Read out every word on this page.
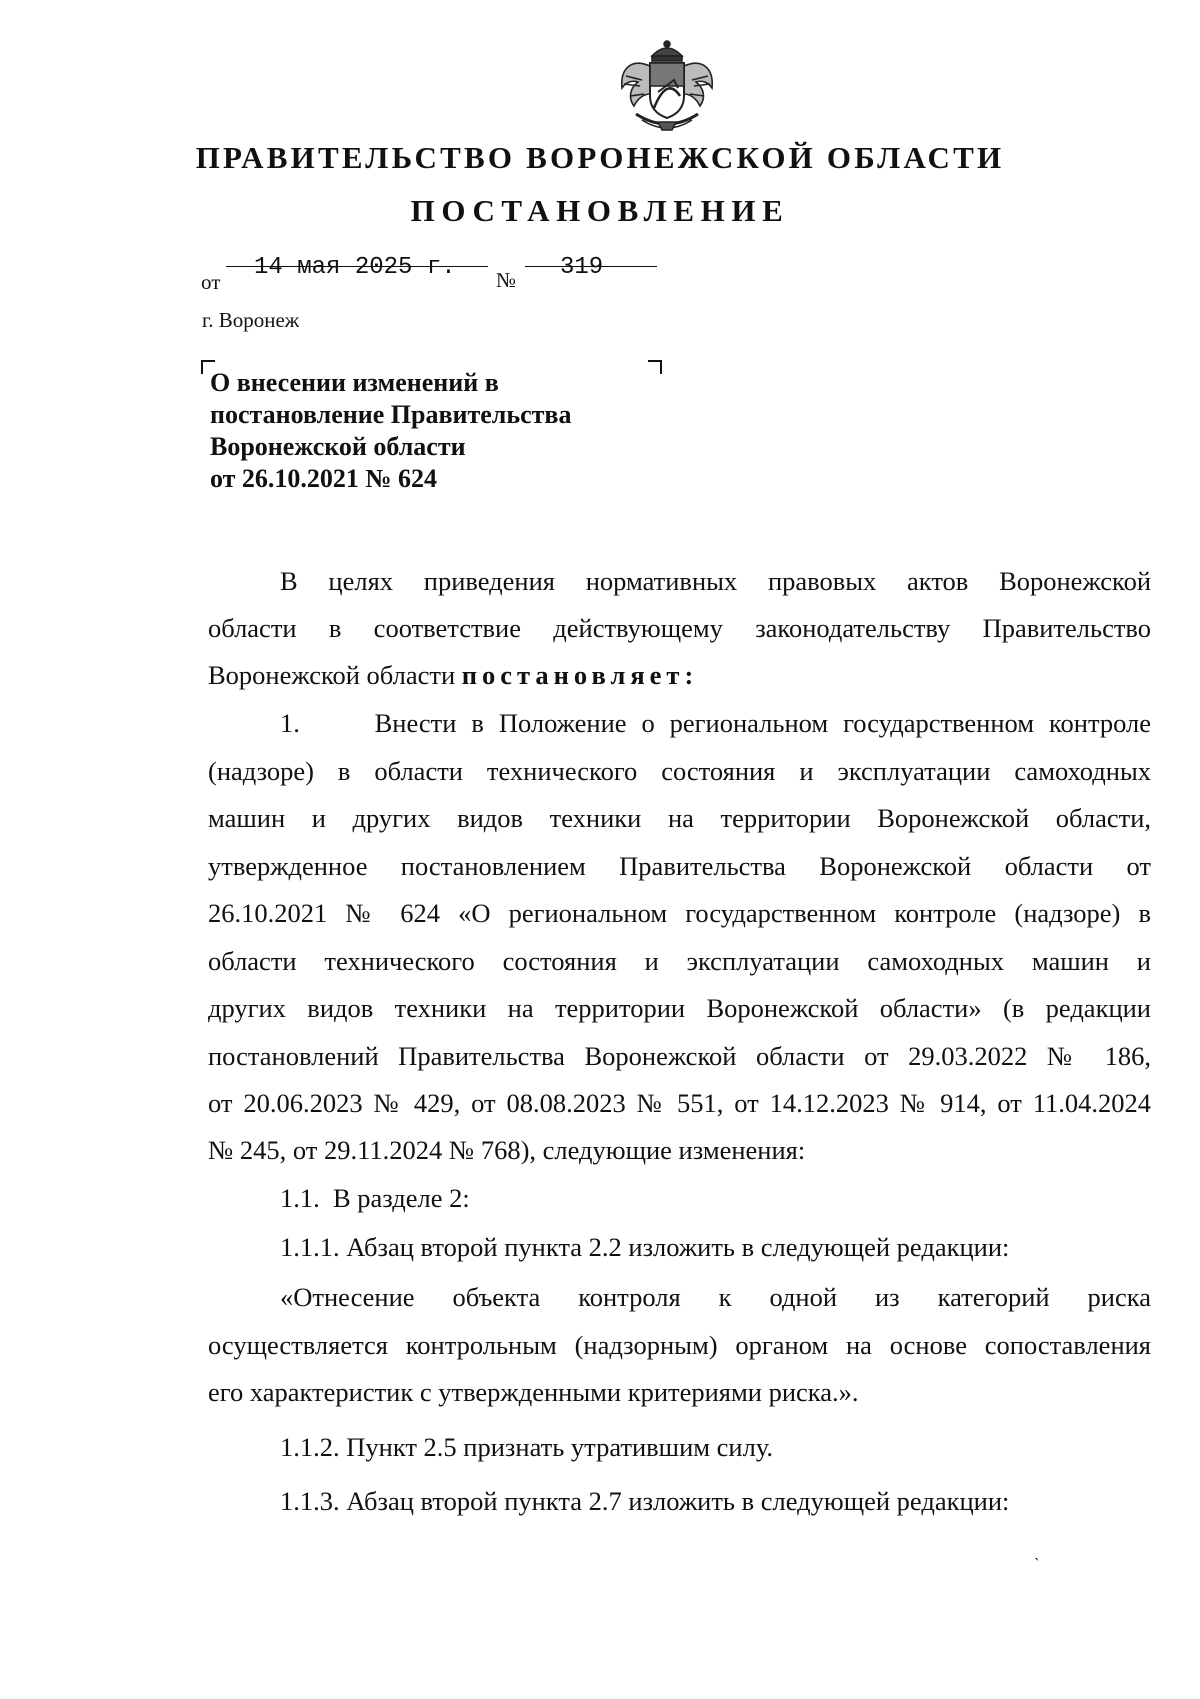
ПРАВИТЕЛЬСТВО ВОРОНЕЖСКОЙ ОБЛАСТИ
ПОСТАНОВЛЕНИЕ
от
14 мая 2025 г. № 319
г. Воронеж
О внесении изменений в
постановление Правительства
Воронежской области
от 26.10.2021 № 624
В целях приведения нормативных правовых актов Воронежской
области в соответствие действующему законодательству Правительство
Воронежской области постановляет:
1.     Внести в Положение о региональном государственном контроле
(надзоре) в области технического состояния и эксплуатации самоходных
машин и других видов техники на территории Воронежской области,
утвержденное постановлением Правительства Воронежской области от
26.10.2021 № 624 «О региональном государственном контроле (надзоре) в
области технического состояния и эксплуатации самоходных машин и
других видов техники на территории Воронежской области» (в редакции
постановлений Правительства Воронежской области от 29.03.2022 № 186,
от 20.06.2023 № 429, от 08.08.2023 № 551, от 14.12.2023 № 914, от 11.04.2024
№ 245, от 29.11.2024 № 768), следующие изменения:
1.1.  В разделе 2:
1.1.1. Абзац второй пункта 2.2 изложить в следующей редакции:
«Отнесение объекта контроля к одной из категорий риска
осуществляется контрольным (надзорным) органом на основе сопоставления
его характеристик с утвержденными критериями риска.».
1.1.2. Пункт 2.5 признать утратившим силу.
1.1.3. Абзац второй пункта 2.7 изложить в следующей редакции:
`
